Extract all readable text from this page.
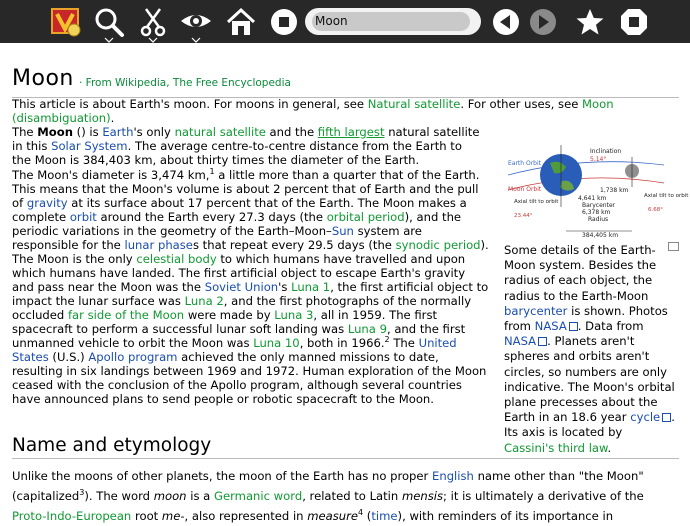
Moon
Moon · From Wikipedia, The Free Encyclopedia
This article is about Earth's moon. For moons in general, see Natural satellite. For other uses, see Moon (disambiguation).
The Moon () is Earth's only natural satellite and the fifth largest natural satellite in this Solar System. The average centre-to-centre distance from the Earth to the Moon is 384,403 km, about thirty times the diameter of the Earth.
The Moon's diameter is 3,474 km,$^1$ a little more than a quarter that of the Earth. This means that the Moon's volume is about 2 percent that of Earth and the pull of gravity at its surface about 17 percent that of the Earth. The Moon makes a complete orbit around the Earth every 27.3 days (the orbital period), and the periodic variations in the geometry of the Earth–Moon–Sun system are responsible for the lunar phases that repeat every 29.5 days (the synodic period). The Moon is the only celestial body to which humans have travelled and upon which humans have landed. The first artificial object to escape Earth's gravity and pass near the Moon was the Soviet Union's Luna 1, the first artificial object to impact the lunar surface was Luna 2, and the first photographs of the normally occluded far side of the Moon were made by Luna 3, all in 1959. The first spacecraft to perform a successful lunar soft landing was Luna 9, and the first unmanned vehicle to orbit the Moon was Luna 10, both in 1966.$^2$ The United States (U.S.) Apollo program achieved the only manned missions to date, resulting in six landings between 1969 and 1972. Human exploration of the Moon ceased with the conclusion of the Apollo program, although several countries have announced plans to send people or robotic spacecraft to the Moon.
Earth Orbit
Moon Orbit
Inclination
5.14°
1,738 km
4,641 km
Barycenter
6,378 km
Radius
Axial tilt to orbit
23.44°
Axial tilt to orbit
6.68°
384,405 km
Some details of the Earth-Moon system. Besides the radius of each object, the radius to the Earth-Moon barycenter is shown. Photos from NASA . Data from NASA . Planets aren't spheres and orbits aren't circles, so numbers are only indicative. The Moon's orbital plane precesses about the Earth in an 18.6 year cycle . Its axis is located by Cassini's third law.
Name and etymology
Unlike the moons of other planets, the moon of the Earth has no proper English name other than "the Moon" (capitalized$^3$). The word moon is a Germanic word, related to Latin mensis; it is ultimately a derivative of the Proto-Indo-European root me-, also represented in measure$^4$ (time), with reminders of its importance in
